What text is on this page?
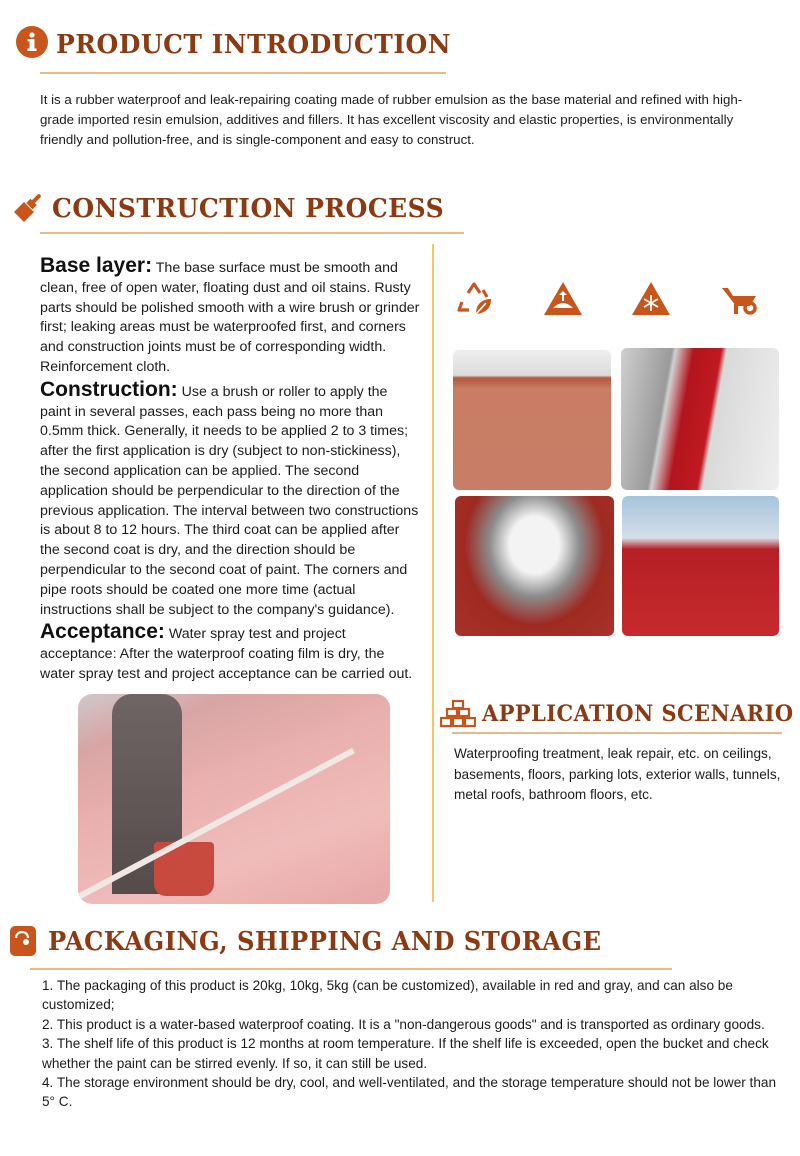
PRODUCT INTRODUCTION
It is a rubber waterproof and leak-repairing coating made of rubber emulsion as the base material and refined with high-grade imported resin emulsion, additives and fillers. It has excellent viscosity and elastic properties, is environmentally friendly and pollution-free, and is single-component and easy to construct.
CONSTRUCTION PROCESS

Base layer: The base surface must be smooth and clean, free of open water, floating dust and oil stains. Rusty parts should be polished smooth with a wire brush or grinder first; leaking areas must be waterproofed first, and corners and construction joints must be of corresponding width. Reinforcement cloth.

Construction: Use a brush or roller to apply the paint in several passes, each pass being no more than 0.5mm thick. Generally, it needs to be applied 2 to 3 times; after the first application is dry (subject to non-stickiness), the second application can be applied. The second application should be perpendicular to the direction of the previous application. The interval between two constructions is about 8 to 12 hours. The third coat can be applied after the second coat is dry, and the direction should be perpendicular to the second coat of paint. The corners and pipe roots should be coated one more time (actual instructions shall be subject to the company's guidance).

Acceptance: Water spray test and project acceptance: After the waterproof coating film is dry, the water spray test and project acceptance can be carried out.

APPLICATION SCENARIO
Waterproofing treatment, leak repair, etc. on ceilings, basements, floors, parking lots, exterior walls, tunnels, metal roofs, bathroom floors, etc.
PACKAGING, SHIPPING AND STORAGE

1. The packaging of this product is 20kg, 10kg, 5kg (can be customized), available in red and gray, and can also be customized;

2. This product is a water-based waterproof coating. It is a "non-dangerous goods" and is transported as ordinary goods.

3. The shelf life of this product is 12 months at room temperature. If the shelf life is exceeded, open the bucket and check whether the paint can be stirred evenly. If so, it can still be used.

4. The storage environment should be dry, cool, and well-ventilated, and the storage temperature should not be lower than 5° C.
